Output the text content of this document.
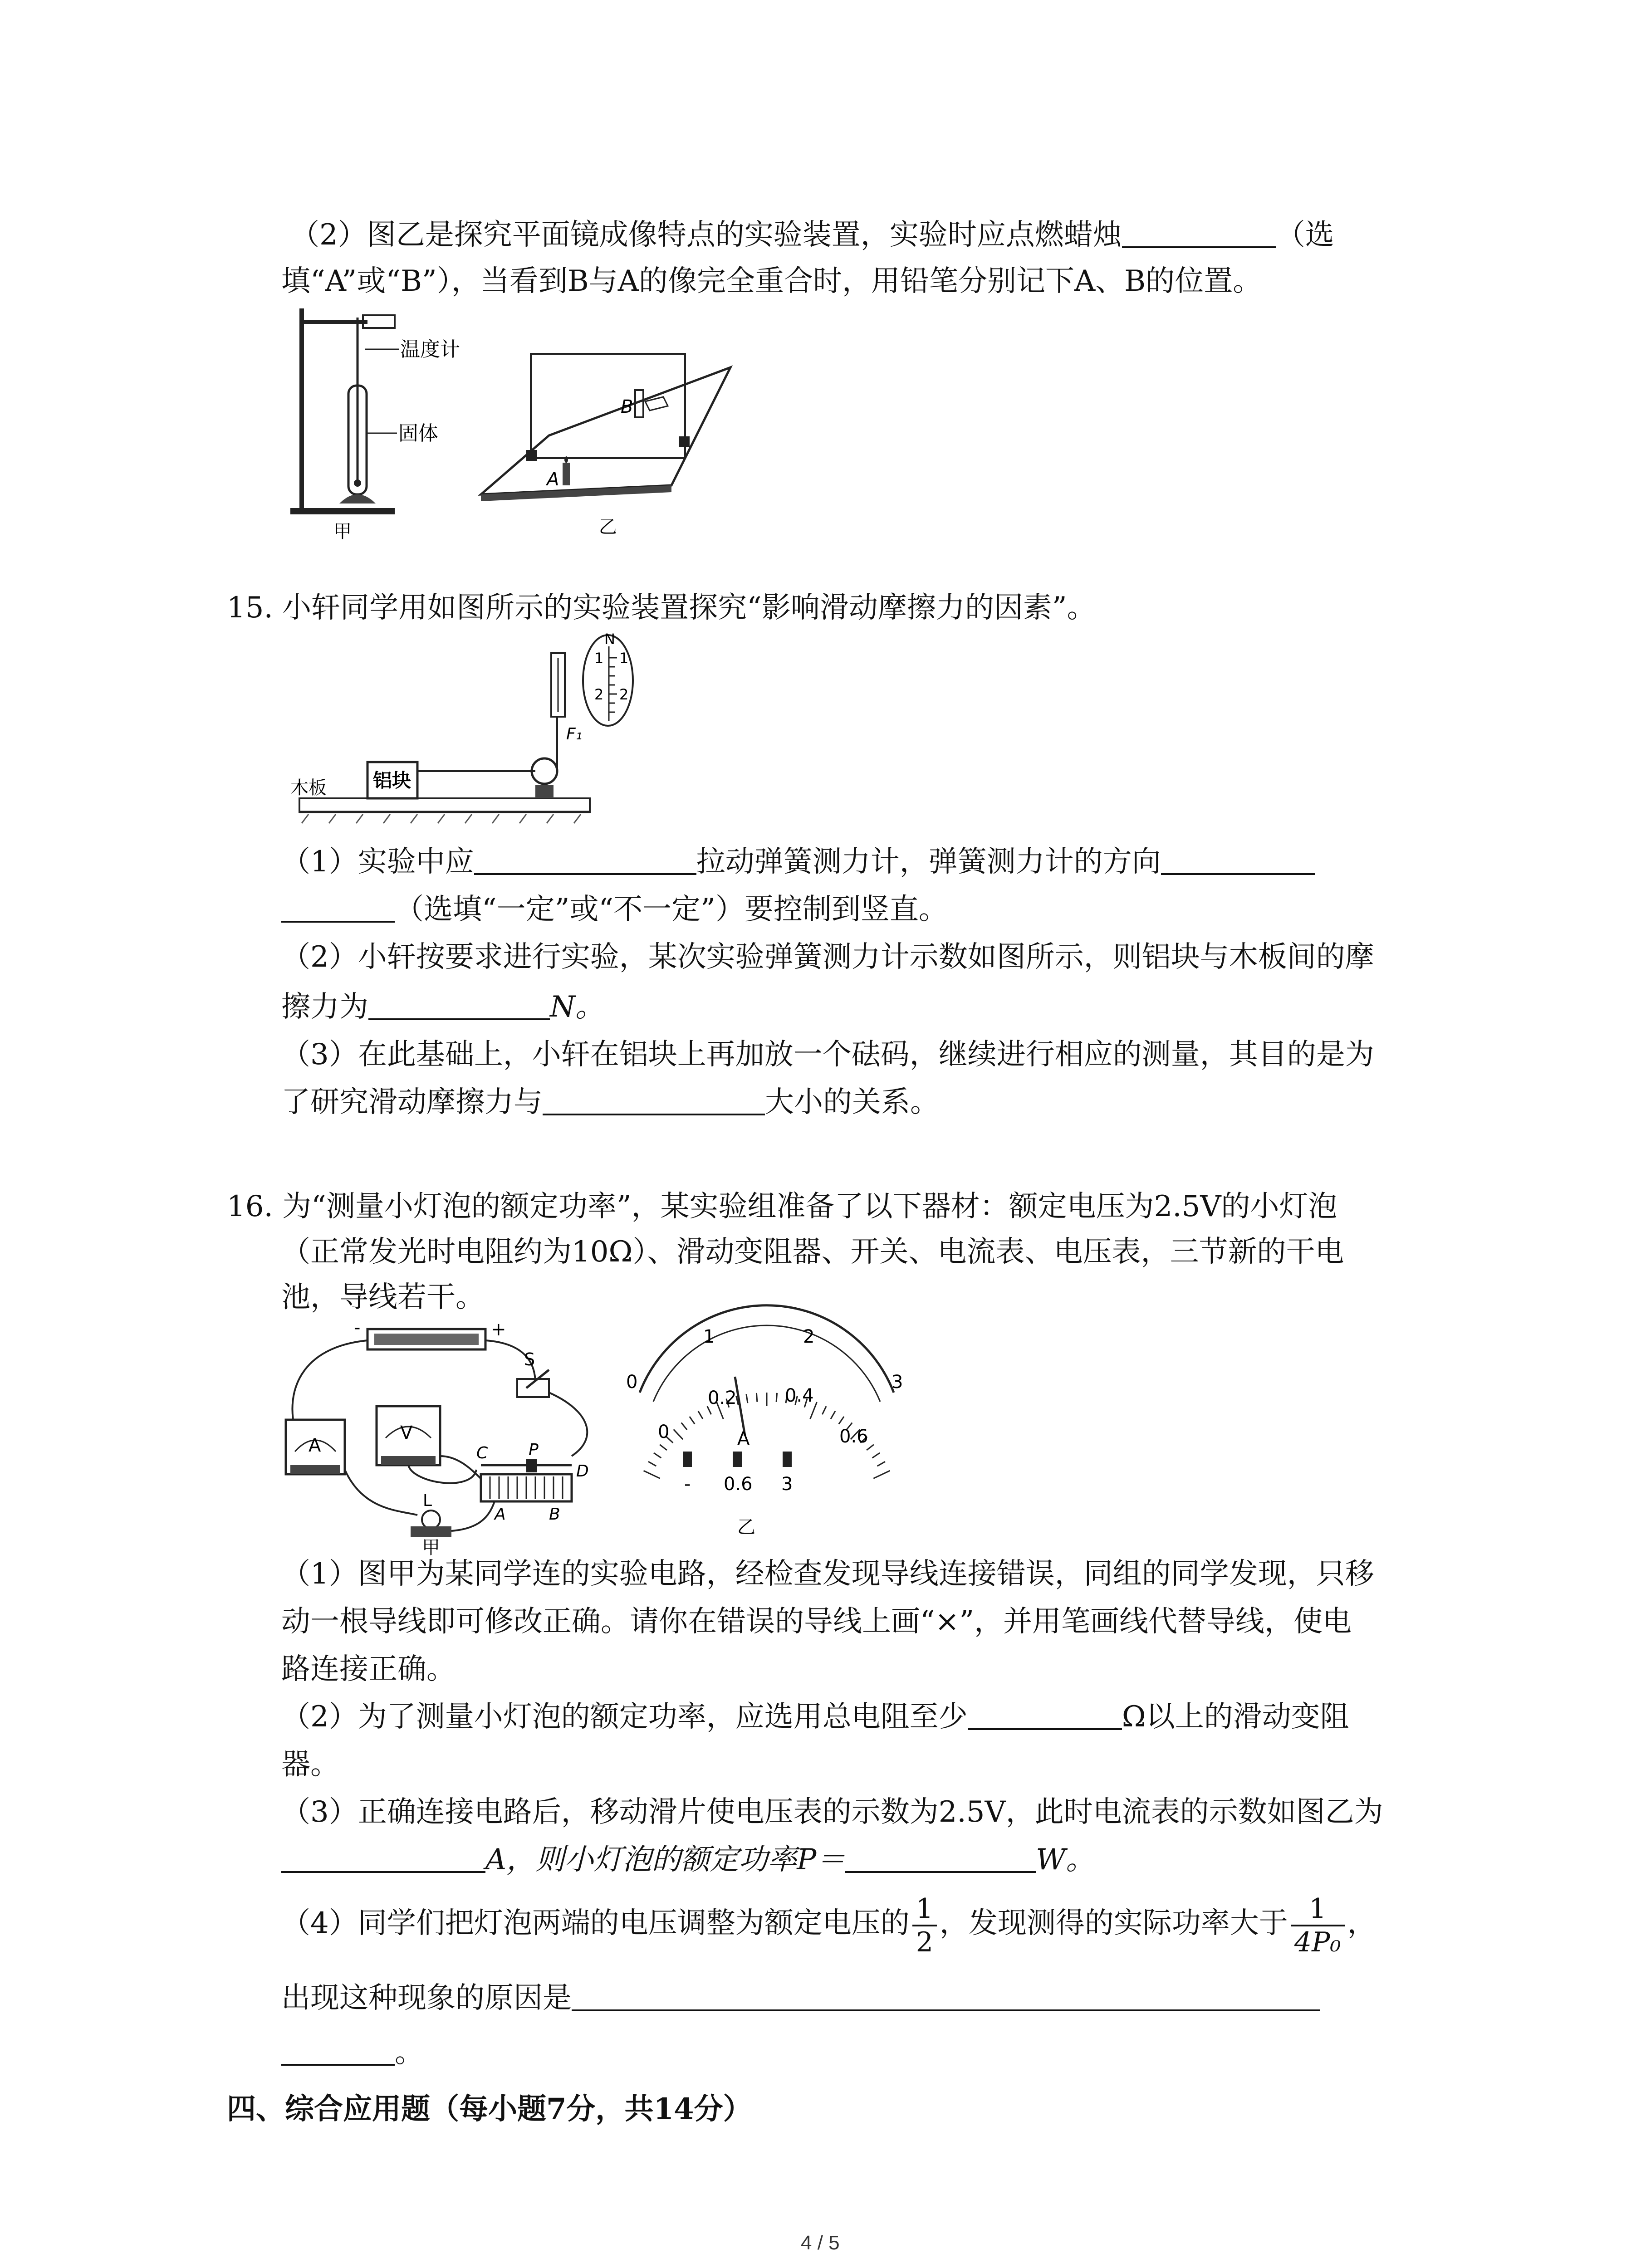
（2）图乙是探究平面镜成像特点的实验装置，实验时应点燃蜡烛	（选
填“A”或“B”），当看到B与A的像完全重合时，用铅笔分别记下A、B的位置。
温度计
固体
甲
A
B
乙
15. 小轩同学用如图所示的实验装置探究“影响滑动摩擦力的因素”。
木板 铝块
F₁
N
1 1
2 2
（1）实验中应	拉动弹簧测力计，弹簧测力计的方向
（选填“一定”或“不一定”）要控制到竖直。
（2）小轩按要求进行实验，某次实验弹簧测力计示数如图所示，则铝块与木板间的摩
擦力为	N。
（3）在此基础上，小轩在铝块上再加放一个砝码，继续进行相应的测量，其目的是为
了研究滑动摩擦力与	大小的关系。
16. 为“测量小灯泡的额定功率”，某实验组准备了以下器材：额定电压为2.5V的小灯泡
（正常发光时电阻约为10Ω）、滑动变阻器、开关、电流表、电压表，三节新的干电
池，导线若干。
-	+
S
A
V
C P
D
A	B
L
甲
0
1	2
3
0
0.2	0.4
0.6
A
- 0.6 3
乙
（1）图甲为某同学连的实验电路，经检查发现导线连接错误，同组的同学发现，只移
动一根导线即可修改正确。请你在错误的导线上画“×”，并用笔画线代替导线，使电
路连接正确。
（2）为了测量小灯泡的额定功率，应选用总电阻至少	Ω以上的滑动变阻
器。
（3）正确连接电路后，移动滑片使电压表的示数为2.5V，此时电流表的示数如图乙为
A，则小灯泡的额定功率P＝	W。
（4）同学们把灯泡两端的电压调整为额定电压的 $\frac{1}{2}$ ，发现测得的实际功率大于 $\frac{1}{\text{4P₀}}$ ，
出现这种现象的原因是
。
四、综合应用题（每小题7分，共14分）
4 / 5
